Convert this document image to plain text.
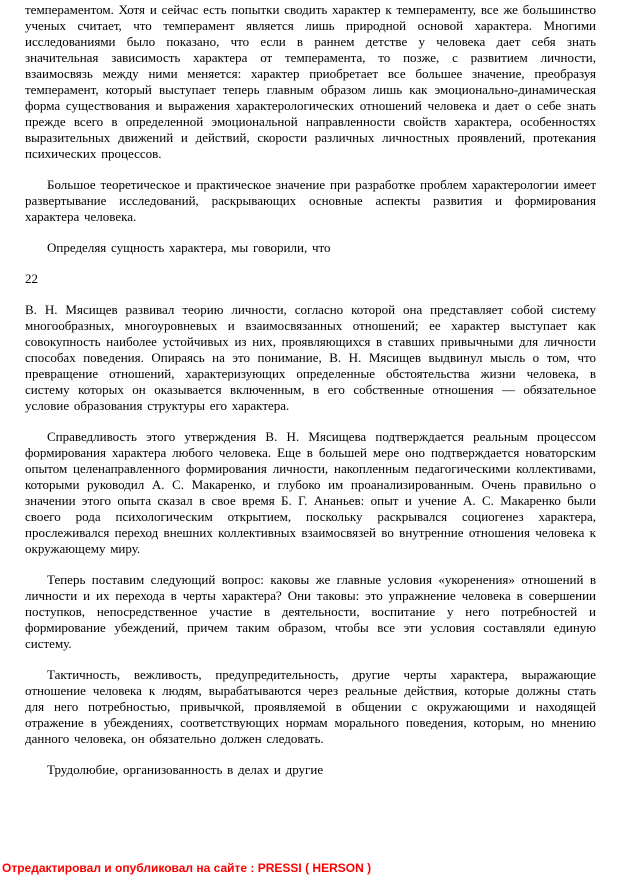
темпераментом. Хотя и сейчас есть попытки сводить характер к темпераменту, все же большинство ученых считает, что темперамент является лишь природной основой характера. Многими исследованиями было показано, что если в раннем детстве у человека дает себя знать значительная зависимость характера от темперамента, то позже, с развитием личности, взаимосвязь между ними меняется: характер приобретает все большее значение, преобразуя темперамент, который выступает теперь главным образом лишь как эмоционально-динамическая форма существования и выражения характерологических отношений человека и дает о себе знать прежде всего в определенной эмоциональной направленности свойств характера, особенностях выразительных движений и действий, скорости различных личностных проявлений, протекания психических процессов.

Большое теоретическое и практическое значение при разработке проблем характерологии имеет развертывание исследований, раскрывающих основные аспекты развития и формирования характера человека.

Определяя сущность характера, мы говорили, что

22

В. Н. Мясищев развивал теорию личности, согласно которой она представляет собой систему многообразных, многоуровневых и взаимосвязанных отношений; ее характер выступает как совокупность наиболее устойчивых из них, проявляющихся в ставших привычными для личности способах поведения. Опираясь на это понимание, В. Н. Мясищев выдвинул мысль о том, что превращение отношений, характеризующих определенные обстоятельства жизни человека, в систему которых он оказывается включенным, в его собственные отношения — обязательное условие образования структуры его характера.

Справедливость этого утверждения В. Н. Мясищева подтверждается реальным процессом формирования характера любого человека. Еще в большей мере оно подтверждается новаторским опытом целенаправленного формирования личности, накопленным педагогическими коллективами, которыми руководил А. С. Макаренко, и глубоко им проанализированным. Очень правильно о значении этого опыта сказал в свое время Б. Г. Ананьев: опыт и учение А. С. Макаренко были своего рода психологическим открытием, поскольку раскрывался социогенез характера, прослеживался переход внешних коллективных взаимосвязей во внутренние отношения человека к окружающему миру.

Теперь поставим следующий вопрос: каковы же главные условия «укоренения» отношений в личности и их перехода в черты характера? Они таковы: это упражнение человека в совершении поступков, непосредственное участие в деятельности, воспитание у него потребностей и формирование убеждений, причем таким образом, чтобы все эти условия составляли единую систему.

Тактичность, вежливость, предупредительность, другие черты характера, выражающие отношение человека к людям, вырабатываются через реальные действия, которые должны стать для него потребностью, привычкой, проявляемой в общении с окружающими и находящей отражение в убеждениях, соответствующих нормам морального поведения, которым, но мнению данного человека, он обязательно должен следовать.

Трудолюбие, организованность в делах и другие

Отредактировал и опубликовал на сайте : PRESSI ( HERSON )
